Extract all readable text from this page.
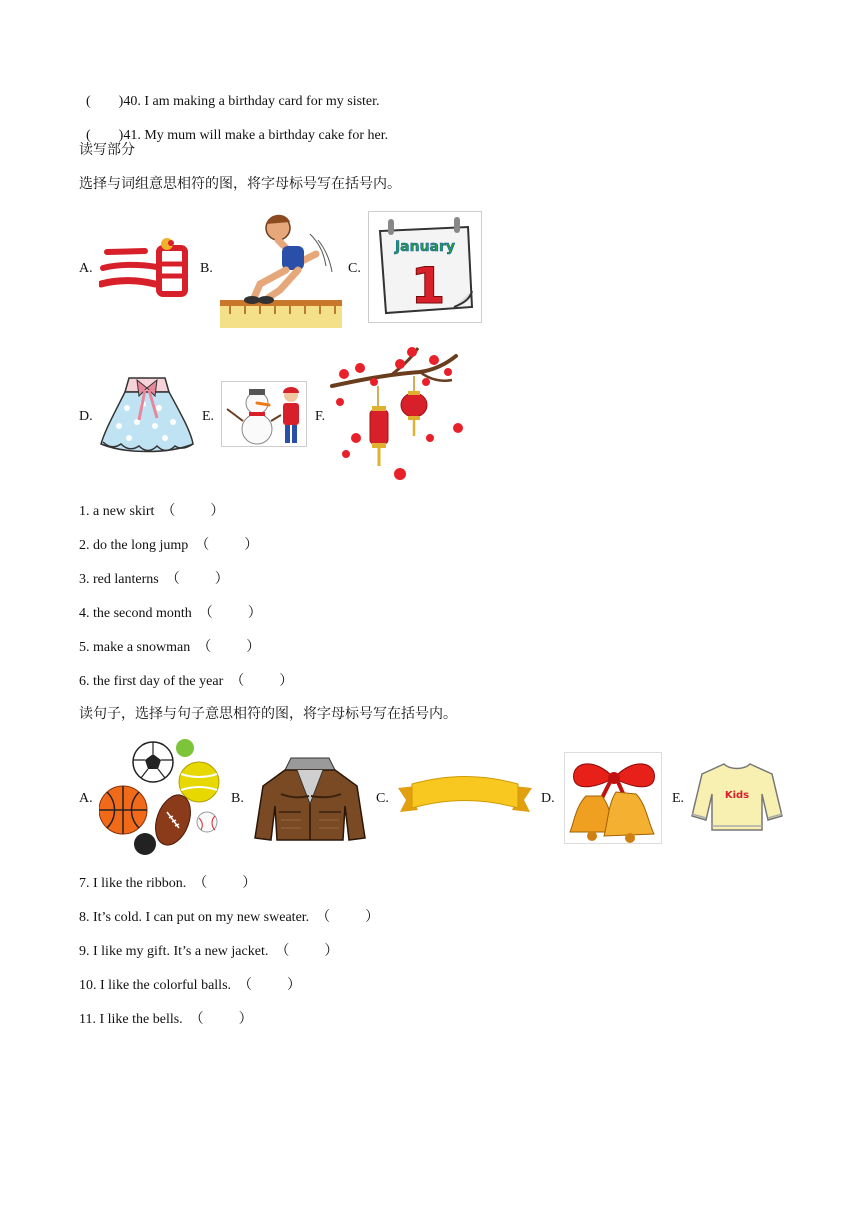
(        )40. I am making a birthday card for my sister.

(        )41. My mum will make a birthday cake for her.

读写部分
选择与词组意思相符的图，将字母标号写在括号内。
A.	B.	C.
January
1
D.	E.	F.
1. a new skirt  （          ）
2. do the long jump  （          ）
3. red lanterns  （          ）
4. the second month  （          ）
5. make a snowman  （          ）
6. the first day of the year  （          ）
读句子，选择与句子意思相符的图，将字母标号写在括号内。
A.	B.	C.	D.	E.	Kids
7. I like the ribbon.  （          ）
8. It’s cold. I can put on my new sweater.  （          ）
9. I like my gift. It’s a new jacket.  （          ）
10. I like the colorful balls.  （          ）
11. I like the bells.  （          ）
